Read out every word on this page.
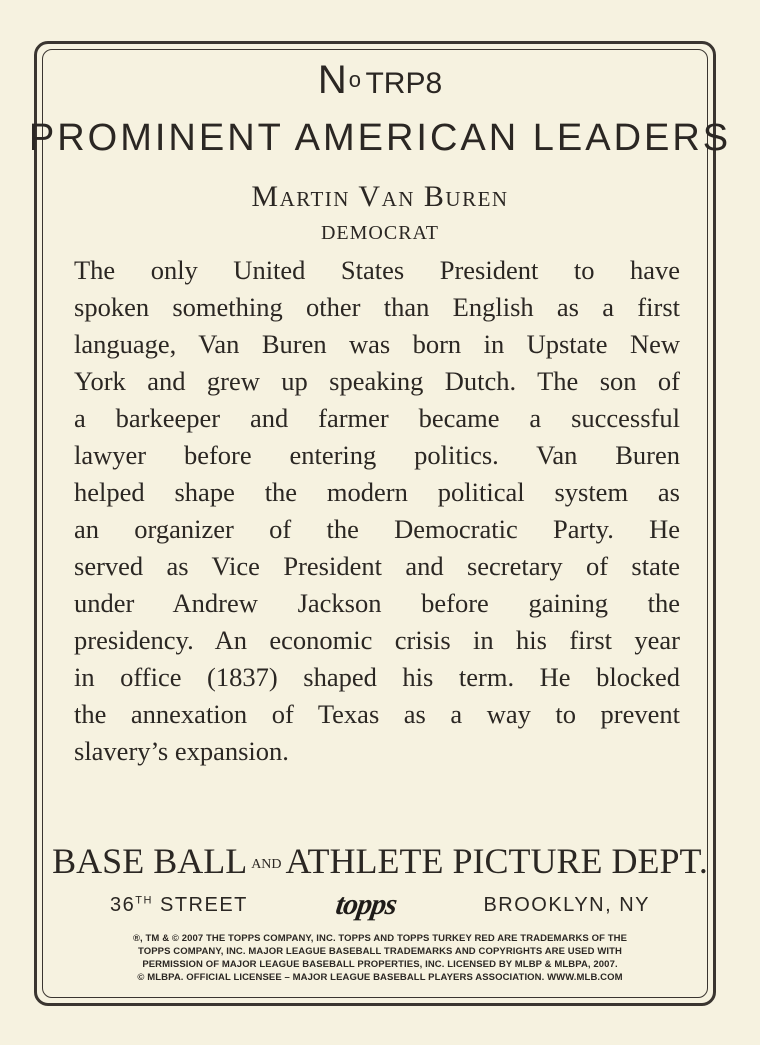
No TRP8
PROMINENT AMERICAN LEADERS
Martin Van Buren
DEMOCRAT
The only United States President to have
spoken something other than English as a first
language, Van Buren was born in Upstate New
York and grew up speaking Dutch. The son of
a barkeeper and farmer became a successful
lawyer before entering politics. Van Buren
helped shape the modern political system as
an organizer of the Democratic Party. He
served as Vice President and secretary of state
under Andrew Jackson before gaining the
presidency. An economic crisis in his first year
in office (1837) shaped his term. He blocked
the annexation of Texas as a way to prevent
slavery’s expansion.
BASE BALL AND ATHLETE PICTURE DEPT.
36TH STREET	topps	BROOKLYN, NY
®, TM & © 2007 THE TOPPS COMPANY, INC. TOPPS AND TOPPS TURKEY RED ARE TRADEMARKS OF THE
TOPPS COMPANY, INC. MAJOR LEAGUE BASEBALL TRADEMARKS AND COPYRIGHTS ARE USED WITH
PERMISSION OF MAJOR LEAGUE BASEBALL PROPERTIES, INC. LICENSED BY MLBP & MLBPA, 2007.
© MLBPA. OFFICIAL LICENSEE – MAJOR LEAGUE BASEBALL PLAYERS ASSOCIATION. WWW.MLB.COM
